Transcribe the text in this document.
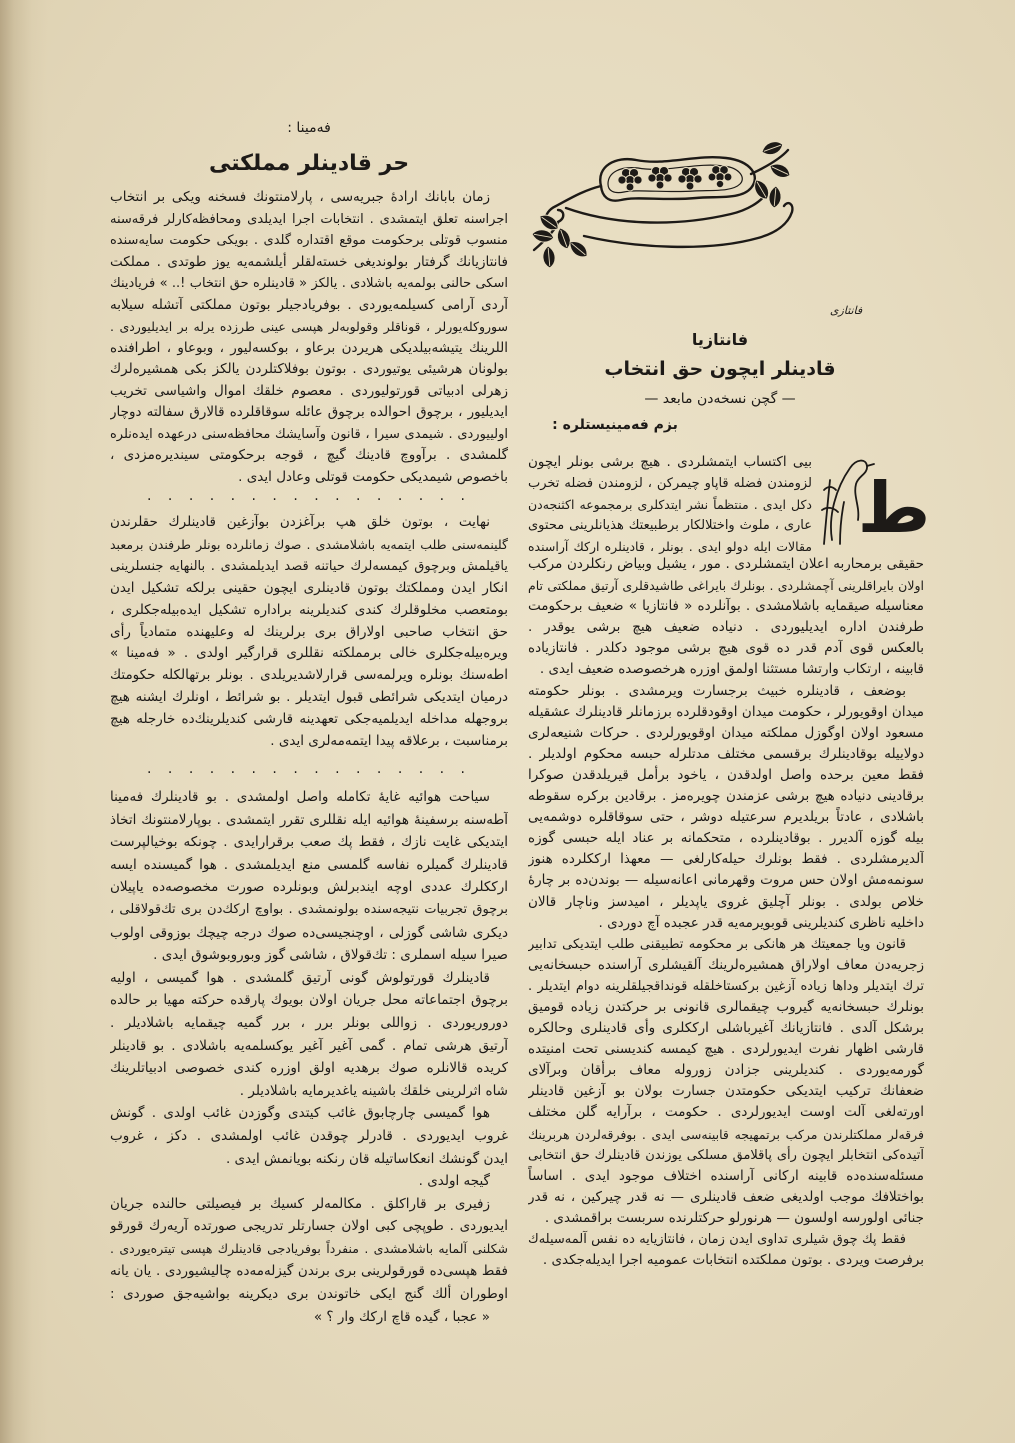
فه‌مينا :
حر قادينلر مملكتى
زمان بابانك ارادهٔ جبريه‌سى ، پارلامنتونك فسخنه ويكى بر انتخاب
اجراسنه تعلق ايتمشدى . انتخابات اجرا ايديلدى ومحافظه‌كارلر فرقه‌سنه
منسوب قوتلى برحكومت موقع اقتداره گلدى . بويكى حكومت سايه‌سنده
فانتازيانك گرفتار بولونديغى خسته‌لقلر أيلشمه‌يه يوز طوتدى . مملكت
اسكى حالنى بولمه‌يه باشلادى . يالكز « قادينلره حق انتخاب !.. » فريادينك
آردى آرامى كسيلمه‌يوردى . بوفريادجيلر بوتون مملكتى آتشله سيلابه
سوروكله‌يورلر ، قوناقلر وقولوبه‌لر هپسى عينى طرزده يرله بر ايديليوردى .
اللرينك يتيشه‌بيلديكى هريردن برعاو ، بوكسه‌ليور ، وبوعاو ، اطرافنده
بولونان هرشيئى يوتيوردى . بوتون بوفلاكتلردن يالكز بكى همشيره‌لرك
زهرلى ادبياتى قورتوليوردى . معصوم خلقك اموال واشياسى تخريب
ايديليور ، برچوق احوالده برچوق عائله سوقاقلرده قالارق سفالته دوچار
اولييوردى . شيمدى سيرا ، قانون وآسايشك محافظه‌سنى درعهده ايده‌نلره
گلمشدى . برآووچ قادينك گيچ ، قوجه برحكومتى سينديره‌مزدى ،
باخصوص شيمديكى حكومت قوتلى وعادل ايدى .
. . . . . . . . . . . . . . . .
نهايت ، بوتون خلق هپ برآغزدن بوآزغين قادينلرك حقلرندن
گلينمه‌سنى طلب ايتمه‌يه باشلامشدى . صوك زمانلرده بونلر طرفندن برمعبد
ياقيلمش وبرچوق كيمسه‌لرك حياتنه قصد ايديلمشدى . بالنهايه جنسلرينى
انكار ايدن ومملكتك بوتون قادينلرى ايچون حقينى برلكه تشكيل ايدن
بومتعصب مخلوقلرك كندى كنديلرينه براداره تشكيل ايده‌بيله‌جكلرى ،
حق انتخاب صاحبى اولاراق برى برلرينك له وعليهنده متمادياً رأى
ويره‌بيله‌جكلرى خالى برمملكته نقللرى قرارگير اولدى . « فه‌مينا »
اطه‌سنك بونلره ويرلمه‌سى قرارلاشديريلدى . بونلر برتهالكله حكومتك
درميان ايتديكى شرائطى قبول ايتديلر . بو شرائط ، اونلرك ايشنه هيچ
بروجهله مداخله ايديلميه‌جكى تعهدينه قارشى كنديلرينك‌ده خارجله هيچ
برمناسبت ، برعلاقه پيدا ايتمه‌مه‌لرى ايدى .
. . . . . . . . . . . . . . . .
سياحت هوائيه غايهٔ تكامله واصل اولمشدى . بو قادينلرك فه‌مينا
آطه‌سنه برسفينهٔ هوائيه ايله نقللرى تقرر ايتمشدى . بوپارلامنتونك اتخاذ
ايتديكى غايت نازك ، فقط پك صعب برقرارايدى . چونكه بوخيالپرست
قادينلرك گميلره نفاسه گلمسى منع ايديلمشدى . هوا گميسنده ايسه
ارككلرك عددى اوچه ايندبرلش وبونلرده صورت مخصوصه‌ده ياپيلان
برچوق تجربيات نتيجه‌سنده بولونمشدى . بواوچ اركك‌دن برى تك‌قولاقلى ،
ديكرى شاشى گوزلى ، اوچنجيسى‌ده صوك درجه چيچك بوزوقى اولوب
صيرا سيله اسملرى : تك‌قولاق ، شاشى گوز وبوروبوشوق ايدى .
قادينلرك قورتولوش گونى آرتيق گلمشدى . هوا گميسى ، اوليه
برچوق اجتماعاته محل جريان اولان بويوك پارقده حركته مهيا بر حالده
دوروريوردى . زواللى بونلر برر ، برر گميه چيقمايه باشلاديلر .
آرتيق هرشى تمام . گمى آغير آغير يوكسلمه‌يه باشلادى . بو قادينلر
كريده قالانلره صوك برهديه اولق اوزره كندى خصوصى ادبياتلرينك
شاه اثرلرينى خلقك باشينه ياغديرمايه باشلاديلر .
هوا گميسى چارچابوق غائب كيتدى وگوزدن غائب اولدى . گونش
غروب ايديوردى . قادرلر چوقدن غائب اولمشدى . دكز ، غروب
ايدن گونشك انعكاساتيله قان رنكنه بويانمش ايدى .
گيجه اولدى .
زفيرى بر قاراكلق . مكالمه‌لر كسيك بر فيصيلتى حالنده جريان
ايديوردى . طوپچى كبى اولان جسارتلر تدريجى صورتده آريه‌رك قورقو
شكلنى آلمايه باشلامشدى . منفرداً بوفريادجى قادينلرك هپسى تيتره‌يوردى .
فقط هپسى‌ده قورقولرينى برى برندن گيزله‌مه‌ده چاليشيوردى . يان يانه
اوطوران ألك گنج ايكى خاتوندن برى ديكرينه بواشيه‌جق صوردى :
« عجبا ، گيده قاچ اركك وار ؟ »
فانتازى
فانتازيا
قادينلر ايچون حق انتخاب
— گچن نسخه‌دن مابعد —
بزم فه‌مينيستلره :
ط
بيى اكتساب ايتمشلردى . هيچ برشى بونلر ايچون
لزومندن فضله قاپاو چيمركن ، لزومندن فضله تخرب
دكل ايدى . منتظماً نشر ايتدكلرى برمجموعه اكثنجه‌دن
عارى ، ملوث واختلالكار برطبيعتك هذيانلرينى محتوى
مقالات ايله دولو ايدى . بونلر ، قادينلره اركك آراسنده
حقيقى برمحاربه اعلان ايتمشلردى . مور ، يشيل وبياض رنكلردن مركب
اولان بايراقلرينى آچمشلردى . بونلرك بايراغى طاشيدقلرى آرتيق مملكتى تام
معناسيله صيقمايه باشلامشدى . بوآنلرده « فانتازيا » ضعيف برحكومت
طرفندن اداره ايديليوردى . دنياده ضعيف هيچ برشى يوقدر .
بالعكس قوى آدم قدر ده قوى هيچ برشى موجود دكلدر . فانتازياده
قابينه ، ارتكاب وارتشا مستثنا اولمق اوزره هرخصوصده ضعيف ايدى .
بوضعف ، قادينلره خبيث برجسارت ويرمشدى . بونلر حكومته
ميدان اوقويورلر ، حكومت ميدان اوقودقلرده برزمانلر قادينلرك عشقيله
مسعود اولان اوگوزل مملكته ميدان اوقويورلردى . حركات شنيعه‌لرى
دولاييله بوقادينلرك برقسمى مختلف مدتلرله حبسه محكوم اولديلر .
فقط معين برحده واصل اولدقدن ، ياخود برأمل قيريلدقدن صوكرا
برقادينى دنياده هيچ برشى عزمندن چويره‌مز . برقادين بركره سقوطه
باشلادى ، عادتاً بريلديرم سرعتيله دوشر ، حتى سوقاقلره دوشمه‌يى
بيله گوزه آلديرر . بوقادينلرده ، متحكمانه بر عناد ايله حبسى گوزه
آلديرمشلردى . فقط بونلرك حيله‌كارلغى — معهذا ارككلرده هنوز
سونمه‌مش اولان حس مروت وقهرمانى اعانه‌سيله — بوندن‌ده بر چارهٔ
خلاص بولدى . بونلر آچليق غروى ياپديلر ، اميدسز وناچار قالان
داخليه ناظرى كنديلرينى قوبويرمه‌يه قدر عجبده آچ دوردى .
قانون ويا جمعيتك هر هانكى بر محكومه تطبيقنى طلب ايتديكى تدابير
زجريه‌دن معاف اولاراق همشيره‌لرينك آلقيشلرى آراسنده حبسخانه‌يى
ترك ايتديلر وداها زياده آزغين بركستاخلقله قونداقجيلقلرينه دوام ايتديلر .
بونلرك حبسخانه‌يه گيروب چيقمالرى قانونى بر حركتدن زياده قوميق
برشكل آلدى . فانتازيانك آغيرباشلى ارككلرى وأى قادينلرى وحالكره
قارشى اظهار نفرت ايديورلردى . هيچ كيمسه كنديسنى تحت امنيتده
گورمه‌يوردى . كنديلرينى جزادن زوروله معاف برأقان وبرآلاى
ضعفانك تركيب ايتديكى حكومتدن جسارت بولان بو آزغين قادينلر
اورته‌لغى آلت اوست ايديورلردى . حكومت ، برآرايه گلن مختلف
فرقه‌لر مملكتلرندن مركب برتمهيجه قابينه‌سى ايدى . بوفرقه‌لردن هربرينك
آتيده‌كى انتخابلر ايچون رأى پاقلامق مسلكى يوزندن قادينلرك حق انتخابى
مسئله‌سنده‌ده قابينه اركانى آراسنده اختلاف موجود ايدى . اساساً
بواختلافك موجب اولديغى ضعف قادينلرى — نه قدر چيركين ، نه قدر
جنائى اولورسه اولسون — هرنورلو حركتلرنده سربست براقمشدى .
فقط پك چوق شيلرى تداوى ايدن زمان ، فانتازيايه ده نفس آلمه‌سيله‌ك
برفرصت ويردى . بوتون مملكتده انتخابات عموميه اجرا ايديله‌جكدى .
